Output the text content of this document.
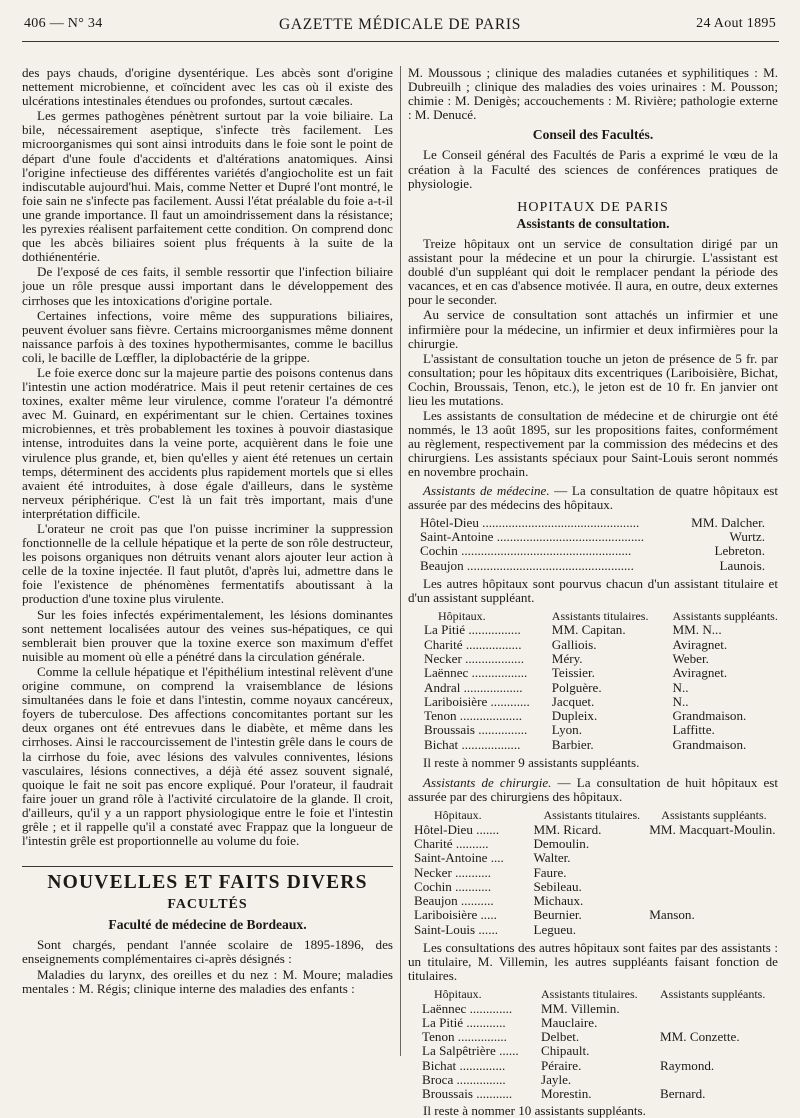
GAZETTE MÉDICALE DE PARIS
406 — N° 34	24 Aout 1895

des pays chauds, d'origine dysentérique. Les abcès sont d'origine nettement microbienne, et coïncident avec les cas où il existe des ulcérations intestinales étendues ou profondes, surtout cæcales.

Les germes pathogènes pénètrent surtout par la voie biliaire. La bile, nécessairement aseptique, s'infecte très facilement. Les microorganismes qui sont ainsi introduits dans le foie sont le point de départ d'une foule d'accidents et d'altérations anatomiques. Ainsi l'origine infectieuse des différentes variétés d'angiocholite est un fait indiscutable aujourd'hui. Mais, comme Netter et Dupré l'ont montré, le foie sain ne s'infecte pas facilement. Aussi l'état préalable du foie a-t-il une grande importance. Il faut un amoindrissement dans la résistance; les pyrexies réalisent parfaitement cette condition. On comprend donc que les abcès biliaires soient plus fréquents à la suite de la dothiénentérie.

De l'exposé de ces faits, il semble ressortir que l'infection biliaire joue un rôle presque aussi important dans le développement des cirrhoses que les intoxications d'origine portale.

Certaines infections, voire même des suppurations biliaires, peuvent évoluer sans fièvre. Certains microorganismes même donnent naissance parfois à des toxines hypothermisantes, comme le bacillus coli, le bacille de Lœffler, la diplobactérie de la grippe.

Le foie exerce donc sur la majeure partie des poisons contenus dans l'intestin une action modératrice. Mais il peut retenir certaines de ces toxines, exalter même leur virulence, comme l'orateur l'a démontré avec M. Guinard, en expérimentant sur le chien. Certaines toxines microbiennes, et très probablement les toxines à pouvoir diastasique intense, introduites dans la veine porte, acquièrent dans le foie une virulence plus grande, et, bien qu'elles y aient été retenues un certain temps, déterminent des accidents plus rapidement mortels que si elles avaient été introduites, à dose égale d'ailleurs, dans le système nerveux périphérique. C'est là un fait très important, mais d'une interprétation difficile.

L'orateur ne croit pas que l'on puisse incriminer la suppression fonctionnelle de la cellule hépatique et la perte de son rôle destructeur, les poisons organiques non détruits venant alors ajouter leur action à celle de la toxine injectée. Il faut plutôt, d'après lui, admettre dans le foie l'existence de phénomènes fermentatifs aboutissant à la production d'une toxine plus virulente.

Sur les foies infectés expérimentalement, les lésions dominantes sont nettement localisées autour des veines sus-hépatiques, ce qui semblerait bien prouver que la toxine exerce son maximum d'effet nuisible au moment où elle a pénétré dans la circulation générale.

Comme la cellule hépatique et l'épithélium intestinal relèvent d'une origine commune, on comprend la vraisemblance de lésions simultanées dans le foie et dans l'intestin, comme noyaux cancéreux, foyers de tuberculose. Des affections concomitantes portant sur les deux organes ont été entrevues dans le diabète, et même dans les cirrhoses. Ainsi le raccourcissement de l'intestin grêle dans le cours de la cirrhose du foie, avec lésions des valvules conniventes, lésions vasculaires, lésions connectives, a déjà été assez souvent signalé, quoique le fait ne soit pas encore expliqué. Pour l'orateur, il faudrait faire jouer un grand rôle à l'activité circulatoire de la glande. Il croit, d'ailleurs, qu'il y a un rapport physiologique entre le foie et l'intestin grêle ; et il rappelle qu'il a constaté avec Frappaz que la longueur de l'intestin grêle est proportionnelle au volume du foie.

NOUVELLES ET FAITS DIVERS
FACULTÉS
Faculté de médecine de Bordeaux.

Sont chargés, pendant l'année scolaire de 1895-1896, des enseignements complémentaires ci-après désignés :

Maladies du larynx, des oreilles et du nez : M. Moure; maladies mentales : M. Régis; clinique interne des maladies des enfants :

M. Moussous ; clinique des maladies cutanées et syphilitiques : M. Dubreuilh ; clinique des maladies des voies urinaires : M. Pousson; chimie : M. Denigès; accouchements : M. Rivière; pathologie externe : M. Denucé.

Conseil des Facultés.

Le Conseil général des Facultés de Paris a exprimé le vœu de la création à la Faculté des sciences de conférences pratiques de physiologie.

HOPITAUX DE PARIS
Assistants de consultation.

Treize hôpitaux ont un service de consultation dirigé par un assistant pour la médecine et un pour la chirurgie. L'assistant est doublé d'un suppléant qui doit le remplacer pendant la période des vacances, et en cas d'absence motivée. Il aura, en outre, deux externes pour le seconder.

Au service de consultation sont attachés un infirmier et une infirmière pour la médecine, un infirmier et deux infirmières pour la chirurgie.

L'assistant de consultation touche un jeton de présence de 5 fr. par consultation; pour les hôpitaux dits excentriques (Lariboisière, Bichat, Cochin, Broussais, Tenon, etc.), le jeton est de 10 fr. En janvier ont lieu les mutations.

Les assistants de consultation de médecine et de chirurgie ont été nommés, le 13 août 1895, sur les propositions faites, conformément au règlement, respectivement par la commission des médecins et des chirurgiens. Les assistants spéciaux pour Saint-Louis seront nommés en novembre prochain.

Assistants de médecine. — La consultation de quatre hôpitaux est assurée par des médecins des hôpitaux.

Hôtel-Dieu ................................................	MM. Dalcher.
Saint-Antoine .............................................	Wurtz.
Cochin ....................................................	Lebreton.
Beaujon ...................................................	Launois.

Les autres hôpitaux sont pourvus chacun d'un assistant titulaire et d'un assistant suppléant.

Hôpitaux.	Assistants titulaires.	Assistants suppléants.
La Pitié ................	MM. Capitan.	MM. N...
Charité .................	Galliois.	Aviragnet.
Necker ..................	Méry.	Weber.
Laënnec .................	Teissier.	Aviragnet.
Andral ..................	Polguère.	N..
Lariboisière ............	Jacquet.	N..
Tenon ...................	Dupleix.	Grandmaison.
Broussais ...............	Lyon.	Laffitte.
Bichat ..................	Barbier.	Grandmaison.

Il reste à nommer 9 assistants suppléants.

Assistants de chirurgie. — La consultation de huit hôpitaux est assurée par des chirurgiens des hôpitaux.

Hôpitaux.	Assistants titulaires.	Assistants suppléants.
Hôtel-Dieu .......	MM. Ricard.	MM. Macquart-Moulin.
Charité ..........	Demoulin.	
Saint-Antoine ....	Walter.	
Necker ...........	Faure.	
Cochin ...........	Sebileau.	
Beaujon ..........	Michaux.	
Lariboisière .....	Beurnier.	Manson.
Saint-Louis ......	Legueu.	

Les consultations des autres hôpitaux sont faites par des assistants : un titulaire, M. Villemin, les autres suppléants faisant fonction de titulaires.

Hôpitaux.	Assistants titulaires.	Assistants suppléants.
Laënnec .............	MM. Villemin.	
La Pitié ............	Mauclaire.	
Tenon ...............	Delbet.	MM. Conzette.
La Salpêtrière ......	Chipault.	
Bichat ..............	Péraire.	Raymond.
Broca ...............	Jayle.	
Broussais ...........	Morestin.	Bernard.

Il reste à nommer 10 assistants suppléants.
